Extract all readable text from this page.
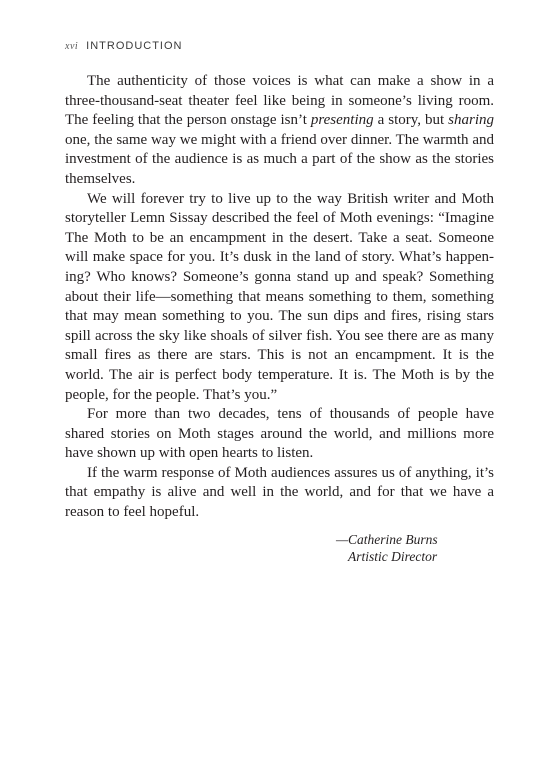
xvi INTRODUCTION

The authenticity of those voices is what can make a show in a three-thousand-seat theater feel like being in someone’s living room. The feeling that the person onstage isn’t presenting a story, but sharing one, the same way we might with a friend over dinner. The warmth and investment of the audience is as much a part of the show as the stories themselves.

We will forever try to live up to the way British writer and Moth storyteller Lemn Sissay described the feel of Moth evenings: “Imagine The Moth to be an encampment in the desert. Take a seat. Someone will make space for you. It’s dusk in the land of story. What’s happening? Who knows? Someone’s gonna stand up and speak? Something about their life—something that means something to them, something that may mean something to you. The sun dips and fires, rising stars spill across the sky like shoals of silver fish. You see there are as many small fires as there are stars. This is not an encampment. It is the world. The air is perfect body temperature. It is. The Moth is by the people, for the people. That’s you.”

For more than two decades, tens of thousands of people have shared stories on Moth stages around the world, and millions more have shown up with open hearts to listen.

If the warm response of Moth audiences assures us of anything, it’s that empathy is alive and well in the world, and for that we have a reason to feel hopeful.

—Catherine Burns
Artistic Director
